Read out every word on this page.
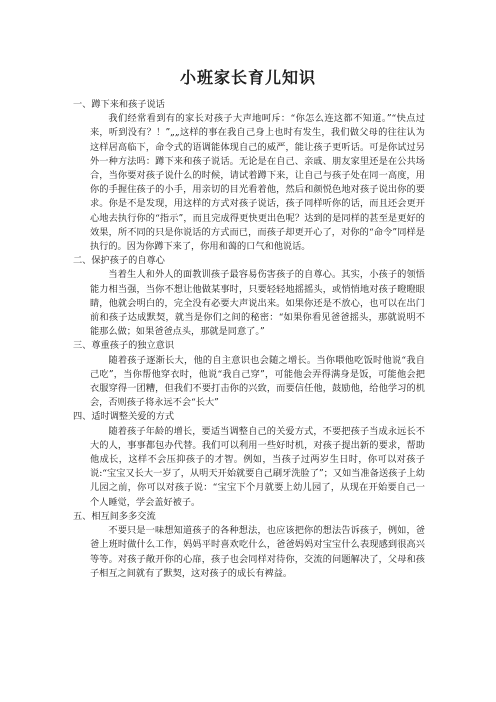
小班家长育儿知识

一、蹲下来和孩子说话

我们经常看到有的家长对孩子大声地呵斥：“你怎么连这都不知道。”“快点过来，听到没有？！”„„这样的事在我自己身上也时有发生，我们做父母的往往认为这样居高临下，命令式的语调能体现自己的威严，能让孩子更听话。可是你试过另外一种方法吗：蹲下来和孩子说话。无论是在自己、亲戚、朋友家里还是在公共场合，当你要对孩子说什么的时候，请试着蹲下来，让自己与孩子处在同一高度，用你的手握住孩子的小手，用亲切的目光看着他，然后和颜悦色地对孩子说出你的要求。你是不是发现，用这样的方式对孩子说话，孩子同样听你的话，而且还会更开心地去执行你的“指示”，而且完成得更快更出色呢？达到的是同样的甚至是更好的效果，所不同的只是你说话的方式而已，而孩子却更开心了，对你的“命令”同样是执行的。因为你蹲下来了，你用和蔼的口气和他说话。

二、保护孩子的自尊心

当着生人和外人的面教训孩子最容易伤害孩子的自尊心。其实，小孩子的领悟能力相当强，当你不想让他做某事时，只要轻轻地摇摇头，或悄悄地对孩子瞪瞪眼睛，他就会明白的，完全没有必要大声说出来。如果你还是不放心，也可以在出门前和孩子达成默契，就当是你们之间的秘密：“如果你看见爸爸摇头，那就说明不能那么做；如果爸爸点头，那就是同意了。”

三、尊重孩子的独立意识

随着孩子逐渐长大，他的自主意识也会随之增长。当你喂他吃饭时他说“我自己吃”，当你帮他穿衣时，他说“我自己穿”，可能他会弄得满身是饭，可能他会把衣服穿得一团糟，但我们不要打击你的兴致，而要信任他，鼓励他，给他学习的机会，否则孩子将永远不会“长大”

四、适时调整关爱的方式

随着孩子年龄的增长，要适当调整自己的关爱方式，不要把孩子当成永远长不大的人，事事都包办代替。我们可以利用一些好时机，对孩子提出新的要求，帮助他成长，这样不会压抑孩子的才智。例如，当孩子过两岁生日时，你可以对孩子说:“宝宝又长大一岁了，从明天开始就要自己刷牙洗脸了”；又如当准备送孩子上幼儿园之前，你可以对孩子说：“宝宝下个月就要上幼儿园了，从现在开始要自己一个人睡觉，学会盖好被子。

五、相互间多多交流

不要只是一味想知道孩子的各种想法，也应该把你的想法告诉孩子，例如，爸爸上班时做什么工作，妈妈平时喜欢吃什么，爸爸妈妈对宝宝什么表现感到很高兴等等。对孩子敞开你的心扉，孩子也会同样对待你，交流的问题解决了，父母和孩子相互之间就有了默契，这对孩子的成长有裨益。
